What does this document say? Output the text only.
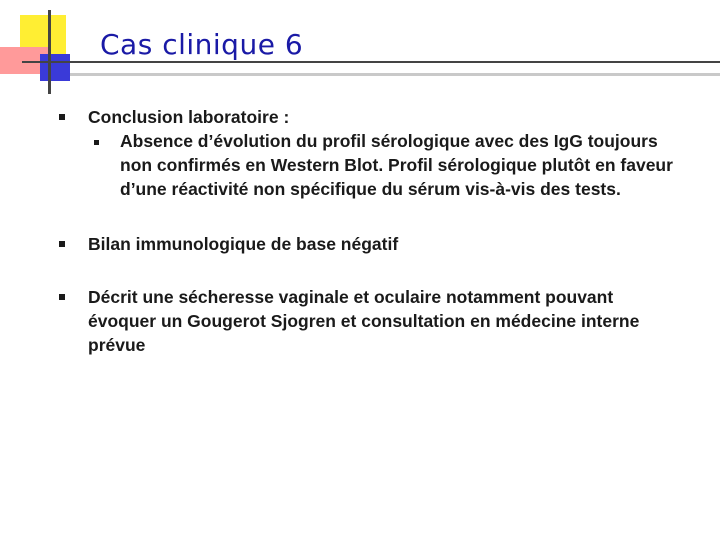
Cas clinique 6
Conclusion laboratoire :
Absence d’évolution du profil sérologique avec des IgG toujours non confirmés en Western Blot. Profil sérologique plutôt en faveur d’une réactivité non spécifique du sérum vis-à-vis des tests.
Bilan immunologique de base négatif
Décrit une sécheresse vaginale et oculaire notamment pouvant évoquer un Gougerot Sjogren et consultation en médecine interne prévue
